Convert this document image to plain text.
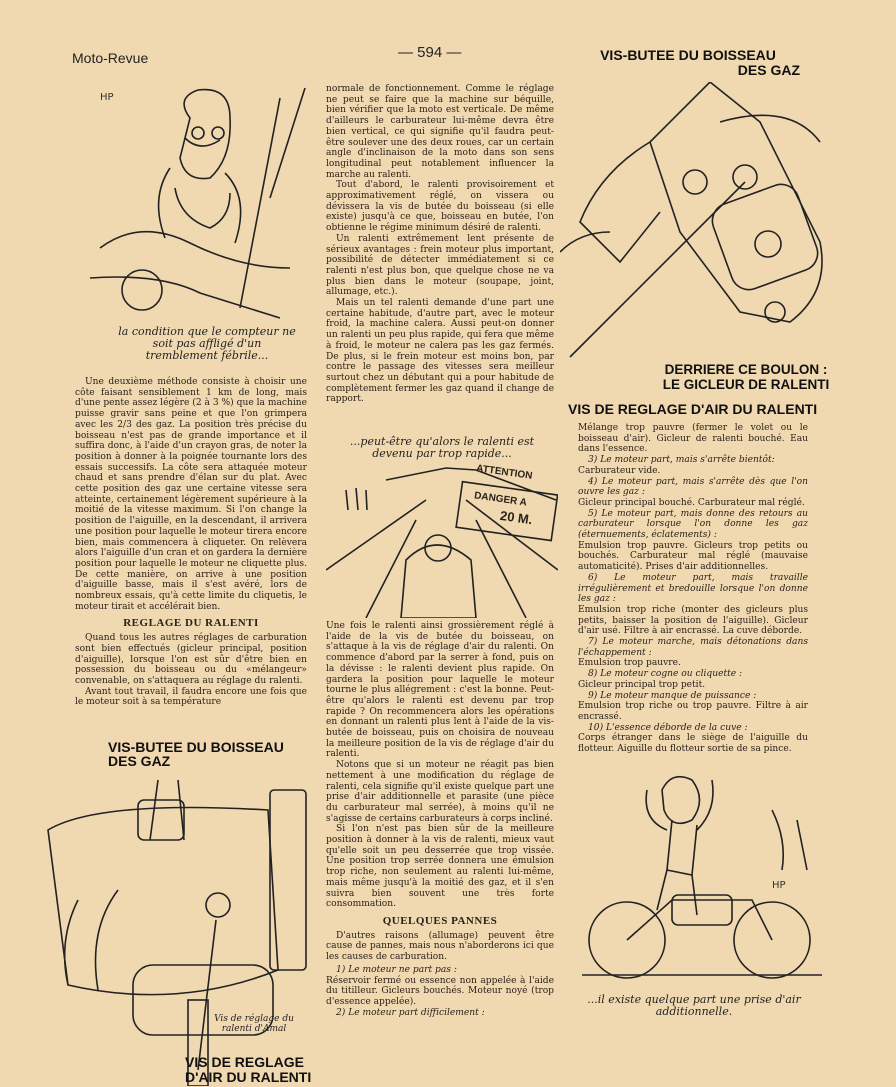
Moto-Revue	— 594 —	VIS-BUTEE DU BOISSEAU
DES GAZ
HP
la condition que le compteur ne soit pas affligé d'un tremblement fébrile...

Une deuxième méthode consiste à choisir une côte faisant sensiblement 1 km de long, mais d'une pente assez légère (2 à 3 %) que la machine puisse gravir sans peine et que l'on grimpera avec les 2/3 des gaz. La position très précise du boisseau n'est pas de grande importance et il suffira donc, à l'aide d'un crayon gras, de noter la position à donner à la poignée tournante lors des essais successifs. La côte sera attaquée moteur chaud et sans prendre d'élan sur du plat. Avec cette position des gaz une certaine vitesse sera atteinte, certainement légèrement supérieure à la moitié de la vitesse maximum. Si l'on change la position de l'aiguille, en la descendant, il arrivera une position pour laquelle le moteur tirera encore bien, mais commencera à cliqueter. On relèvera alors l'aiguille d'un cran et on gardera la dernière position pour laquelle le moteur ne cliquette plus. De cette manière, on arrive à une position d'aiguille basse, mais il s'est avéré, lors de nombreux essais, qu'à cette limite du cliquetis, le moteur tirait et accélérait bien.

REGLAGE DU RALENTI

Quand tous les autres réglages de carburation sont bien effectués (gicleur principal, position d'aiguille), lorsque l'on est sûr d'être bien en possession du boisseau ou du «mélangeur» convenable, on s'attaquera au réglage du ralenti.

Avant tout travail, il faudra encore une fois que le moteur soit à sa température

VIS-BUTEE DU BOISSEAU
DES GAZ
Vis de réglage du ralenti d'Amal
VIS DE REGLAGE
D'AIR DU RALENTI

normale de fonctionnement. Comme le réglage ne peut se faire que la machine sur béquille, bien vérifier que la moto est verticale. De même d'ailleurs le carburateur lui-même devra être bien vertical, ce qui signifie qu'il faudra peut-être soulever une des deux roues, car un certain angle d'inclinaison de la moto dans son sens longitudinal peut notablement influencer la marche au ralenti.

Tout d'abord, le ralenti provisoirement et approximativement réglé, on vissera ou dévissera la vis de butée du boisseau (si elle existe) jusqu'à ce que, boisseau en butée, l'on obtienne le régime minimum désiré de ralenti.

Un ralenti extrêmement lent présente de sérieux avantages : frein moteur plus important, possibilité de détecter immédiatement si ce ralenti n'est plus bon, que quelque chose ne va plus bien dans le moteur (soupape, joint, allumage, etc.).

Mais un tel ralenti demande d'une part une certaine habitude, d'autre part, avec le moteur froid, la machine calera. Aussi peut-on donner un ralenti un peu plus rapide, qui fera que même à froid, le moteur ne calera pas les gaz fermés. De plus, si le frein moteur est moins bon, par contre le passage des vitesses sera meilleur surtout chez un débutant qui a pour habitude de complètement fermer les gaz quand il change de rapport.

...peut-être qu'alors le ralenti est devenu par trop rapide...
ATTENTION
DANGER A
20 M.

Une fois le ralenti ainsi grossièrement réglé à l'aide de la vis de butée du boisseau, on s'attaque à la vis de réglage d'air du ralenti. On commence d'abord par la serrer à fond, puis on la dévisse : le ralenti devient plus rapide. On gardera la position pour laquelle le moteur tourne le plus allégrement : c'est la bonne. Peut-être qu'alors le ralenti est devenu par trop rapide ? On recommencera alors les opérations en donnant un ralenti plus lent à l'aide de la vis-butée de boisseau, puis on choisira de nouveau la meilleure position de la vis de réglage d'air du ralenti.

Notons que si un moteur ne réagit pas bien nettement à une modification du réglage de ralenti, cela signifie qu'il existe quelque part une prise d'air additionnelle et parasite (une pièce du carburateur mal serrée), à moins qu'il ne s'agisse de certains carburateurs à corps incliné.

Si l'on n'est pas bien sûr de la meilleure position à donner à la vis de ralenti, mieux vaut qu'elle soit un peu desserrée que trop vissée. Une position trop serrée donnera une émulsion trop riche, non seulement au ralenti lui-même, mais même jusqu'à la moitié des gaz, et il s'en suivra bien souvent une très forte consommation.

QUELQUES PANNES

D'autres raisons (allumage) peuvent être cause de pannes, mais nous n'aborderons ici que les causes de carburation.

1) Le moteur ne part pas :

Réservoir fermé ou essence non appelée à l'aide du titilleur. Gicleurs bouchés. Moteur noyé (trop d'essence appelée).

2) Le moteur part difficilement :

DERRIERE CE BOULON :
LE GICLEUR DE RALENTI
VIS DE REGLAGE D'AIR DU RALENTI

Mélange trop pauvre (fermer le volet ou le boisseau d'air). Gicleur de ralenti bouché. Eau dans l'essence.

3) Le moteur part, mais s'arrête bientôt:

Carburateur vide.

4) Le moteur part, mais s'arrête dès que l'on ouvre les gaz :

Gicleur principal bouché. Carburateur mal réglé.

5) Le moteur part, mais donne des retours au carburateur lorsque l'on donne les gaz (éternuements, éclatements) :

Emulsion trop pauvre. Gicleurs trop petits ou bouchés. Carburateur mal réglé (mauvaise automaticité). Prises d'air additionnelles.

6) Le moteur part, mais travaille irrégulièrement et bredouille lorsque l'on donne les gaz :

Emulsion trop riche (monter des gicleurs plus petits, baisser la position de l'aiguille). Gicleur d'air usé. Filtre à air encrassé. La cuve déborde.

7) Le moteur marche, mais détonations dans l'échappement :

Emulsion trop pauvre.

8) Le moteur cogne ou cliquette :

Gicleur principal trop petit.

9) Le moteur manque de puissance :

Emulsion trop riche ou trop pauvre. Filtre à air encrassé.

10) L'essence déborde de la cuve :

Corps étranger dans le siège de l'aiguille du flotteur. Aiguille du flotteur sortie de sa pince.

HP
...il existe quelque part une prise d'air additionnelle.
